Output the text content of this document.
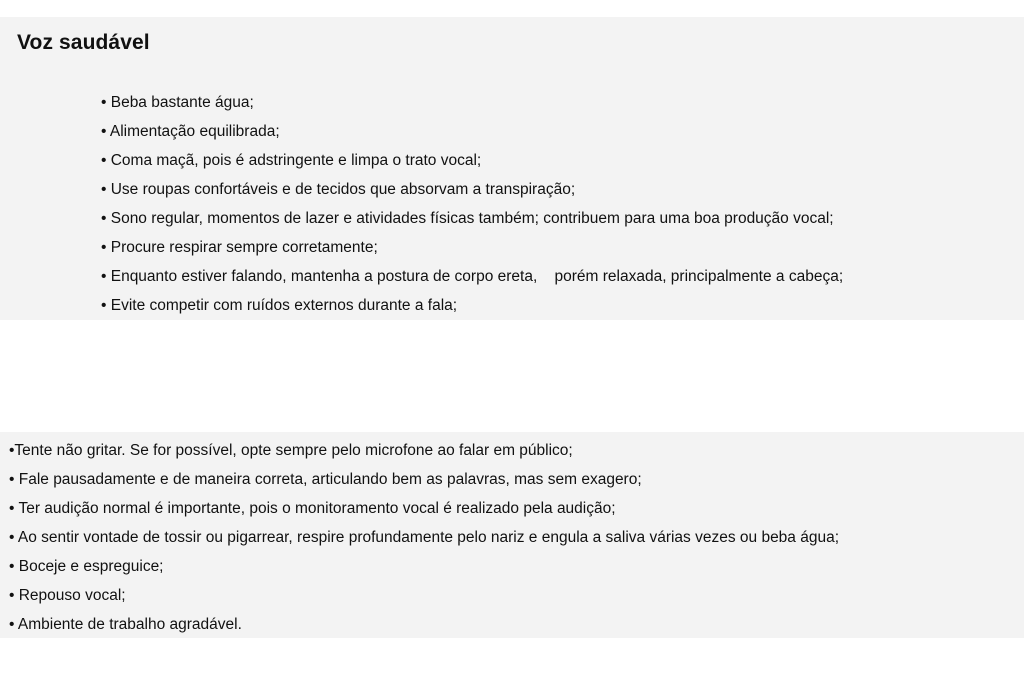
Voz saudável
• Beba bastante água;
• Alimentação equilibrada;
• Coma maçã, pois é adstringente e limpa o trato vocal;
• Use roupas confortáveis e de tecidos que absorvam a transpiração;
• Sono regular, momentos de lazer e atividades físicas também; contribuem para uma boa produção vocal;
• Procure respirar sempre corretamente;
• Enquanto estiver falando, mantenha a postura de corpo ereta,    porém relaxada, principalmente a cabeça;
• Evite competir com ruídos externos durante a fala;
•Tente não gritar. Se for possível, opte sempre pelo microfone ao falar em público;
• Fale pausadamente e de maneira correta, articulando bem as palavras, mas sem exagero;
• Ter audição normal é importante, pois o monitoramento vocal é realizado pela audição;
• Ao sentir vontade de tossir ou pigarrear, respire profundamente pelo nariz e engula a saliva várias vezes ou beba água;
• Boceje e espreguice;
• Repouso vocal;
• Ambiente de trabalho agradável.
